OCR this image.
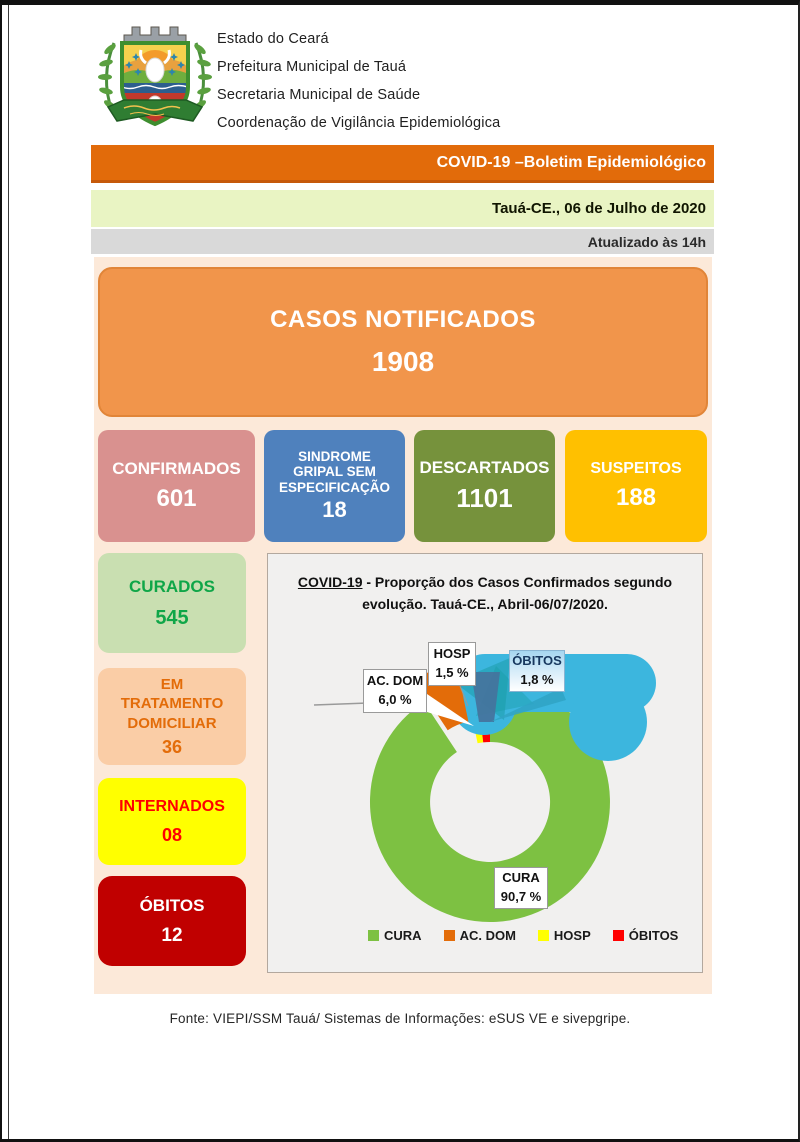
Estado do Ceará
Prefeitura Municipal de Tauá
Secretaria Municipal de Saúde
Coordenação de Vigilância Epidemiológica
COVID-19 –Boletim Epidemiológico
Tauá-CE., 06 de Julho de 2020
Atualizado às 14h
CASOS NOTIFICADOS
1908
CONFIRMADOS
601
SINDROME GRIPAL SEM ESPECIFICAÇÃO
18
DESCARTADOS
1101
SUSPEITOS
188
CURADOS
545
EM TRATAMENTO DOMICILIAR
36
INTERNADOS
08
ÓBITOS
12
COVID-19 - Proporção dos Casos Confirmados segundo evolução. Tauá-CE., Abril-06/07/2020.
HOSP
1,5 %
ÓBITOS
1,8 %
AC. DOM
6,0 %
CURA
90,7 %
CURA	AC. DOM	HOSP	ÓBITOS
Fonte: VIEPI/SSM Tauá/ Sistemas de Informações: eSUS VE e sivepgripe.
